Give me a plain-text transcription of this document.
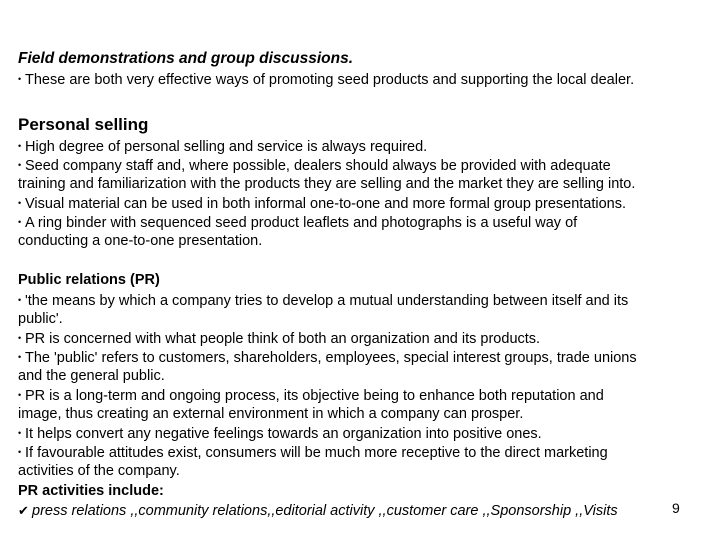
Field demonstrations and group discussions.
• These are both very effective ways of promoting seed products and supporting the local dealer.
Personal selling
• High degree of personal selling and service is always required.
• Seed company staff and, where possible, dealers should always be provided with adequate
training and familiarization with the products they are selling and the market they are selling into.
• Visual material can be used in both informal one-to-one and more formal group presentations.
• A ring binder with sequenced seed product leaflets and photographs is a useful way of
conducting a one-to-one presentation.
Public relations (PR)
• 'the means by which a company tries to develop a mutual understanding between itself and its
public'.
• PR is concerned with what people think of both an organization and its products.
• The 'public' refers to customers, shareholders, employees, special interest groups, trade unions
and the general public.
• PR is a long-term and ongoing process, its objective being to enhance both reputation and
image, thus creating an external environment in which a company can prosper.
• It helps convert any negative feelings towards an organization into positive ones.
• If favourable attitudes exist, consumers will be much more receptive to the direct marketing
activities of the company.
PR activities include:
✔ press relations ,,community relations,,editorial activity ,,customer care ,,Sponsorship ,,Visits	9
